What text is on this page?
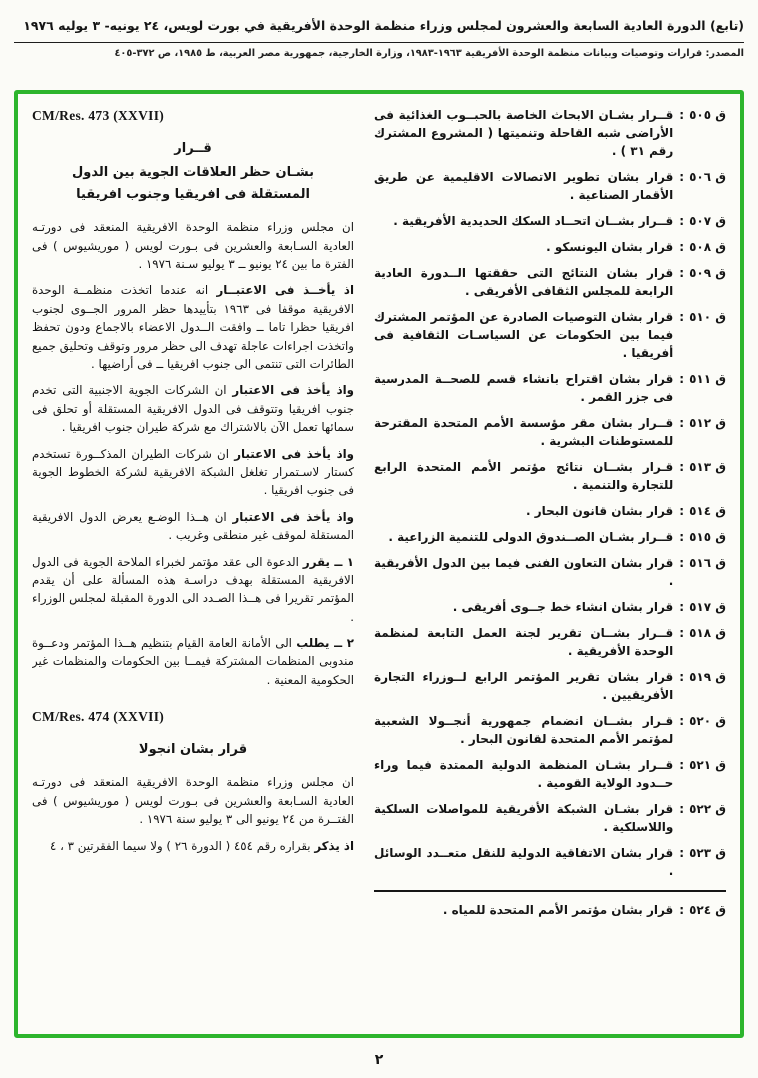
(تابع) الدورة العادية السابعة والعشرون لمجلس وزراء منظمة الوحدة الأفريقية في بورت لويس، ٢٤ يونيه- ٣ يوليه ١٩٧٦
المصدر: قرارات وتوصيات وبيانات منظمة الوحدة الأفريقية ١٩٦٣-١٩٨٣، وزارة الخارجية، جمهورية مصر العربية، ط ١٩٨٥، ص ٣٧٢-٤٠٥
ق ٥٠٥
:
قــرار بشـان الابحاث الخاصة بالحبــوب الغذائية فى الأراضى شبه القاحلة وتنميتها ( المشروع المشترك رقم ٣١ ) .
ق ٥٠٦
:
قرار بشان تطوير الاتصالات الاقليمية عن طريق الأقمار الصناعية .
ق ٥٠٧
:
قــرار بشــان اتحــاد السكك الحديدية الأفريقية .
ق ٥٠٨
:
قرار بشان اليونسكو .
ق ٥٠٩
:
قرار بشان النتائج التى حققتها الــدورة العادية الرابعة للمجلس الثقافى الأفريقى .
ق ٥١٠
:
قرار بشان التوصيات الصادرة عن المؤتمر المشترك فيما بين الحكومات عن السياسـات الثقافية فى أفريقيا .
ق ٥١١
:
قرار بشان اقتراح بانشاء قسم للصحــة المدرسية فى جزر القمر .
ق ٥١٢
:
قــرار بشان مقر مؤسسة الأمم المتحدة المقترحة للمستوطنات البشرية .
ق ٥١٣
:
قـرار بشــان نتائج مؤتمر الأمم المتحدة الرابع للتجارة والتنمية .
ق ٥١٤
:
قرار بشان قانون البحار .
ق ٥١٥
:
قــرار بشـان الصــندوق الدولى للتنمية الزراعية .
ق ٥١٦
:
قرار بشان التعاون الفنى فيما بين الدول الأفريقية .
ق ٥١٧
:
قرار بشان انشاء خط جــوى أفريقى .
ق ٥١٨
:
قــرار بشــان تقرير لجنة العمل التابعة لمنظمة الوحدة الأفريقية .
ق ٥١٩
:
قرار بشان تقرير المؤتمر الرابع لــوزراء التجارة الأفريقيين .
ق ٥٢٠
:
قـرار بشــان انضمام جمهورية أنجــولا الشعبية لمؤتمر الأمم المتحدة لقانون البحار .
ق ٥٢١
:
قــرار بشـان المنظمة الدولية الممتدة فيما وراء حــدود الولاية القومية .
ق ٥٢٢
:
قرار بشـان الشبكة الأفريقية للمواصلات السلكية واللاسلكية .
ق ٥٢٣
:
قرار بشان الاتفاقية الدولية للنقل متعــدد الوسائل .
ق ٥٢٤
:
قرار بشان مؤتمر الأمم المتحدة للمياه .
CM/Res. 473 (XXVII)
قــرار
بشـان حظر العلاقات الجوية بين الدول
المستقلة فى افريقيا وجنوب افريقيا

ان مجلس وزراء منظمة الوحدة الافريقية المنعقد فى دورتـه العادية السـابعة والعشرين فى بـورت لويس ( موريشيوس ) فى الفترة ما بين ٢٤ يونيو ــ ٣ يوليو سـنة ١٩٧٦ .

اذ يأخــذ فى الاعتبــار انه عندما اتخذت منظمــة الوحدة الافريقية موقفا فى ١٩٦٣ بتأييدها حظر المرور الجــوى لجنوب افريقيا حظرا تاما ــ وافقت الــدول الاعضاء بالاجماع ودون تحفظ واتخذت اجراءات عاجلة تهدف الى حظر مرور وتوقف وتحليق جميع الطائرات التى تنتمى الى جنوب افريقيا ــ فى أراضيها .

واذ يأخذ فى الاعتبار ان الشركات الجوية الاجنبية التى تخدم جنوب افريقيا وتتوقف فى الدول الافريقية المستقلة أو تحلق فى سمائها تعمل الآن بالاشتراك مع شركة طيران جنوب افريقيا .

واذ يأخذ فى الاعتبار ان شركات الطيران المذكــورة تستخدم كستار لاسـتمرار تغلغل الشبكة الافريقية لشركة الخطوط الجوية فى جنوب افريقيا .

واذ يأخذ فى الاعتبار ان هــذا الوضـع يعرض الدول الافريقية المستقلة لموقف غير منطقى وغريب .

١ ــ يقرر الدعوة الى عقد مؤتمر لخبراء الملاحة الجوية فى الدول الافريقية المستقلة بهدف دراسـة هذه المسألة على أن يقدم المؤتمر تقريرا فى هــذا الصـدد الى الدورة المقبلة لمجلس الوزراء .

٢ ــ يطلب الى الأمانة العامة القيام بتنظيم هــذا المؤتمر ودعــوة مندوبى المنظمات المشتركة فيمــا بين الحكومات والمنظمات غير الحكومية المعنية .

CM/Res. 474 (XXVII)
قرار بشان انجولا

ان مجلس وزراء منظمة الوحدة الافريقية المنعقد فى دورتـه العادية السـابعة والعشرين فى بـورت لويس ( موريشيوس ) فى الفتــرة من ٢٤ يونيو الى ٣ يوليو سنة ١٩٧٦ .

اذ يذكر بقراره رقم ٤٥٤ ( الدورة ٢٦ ) ولا سيما الفقرتين ٣ ، ٤

٢
